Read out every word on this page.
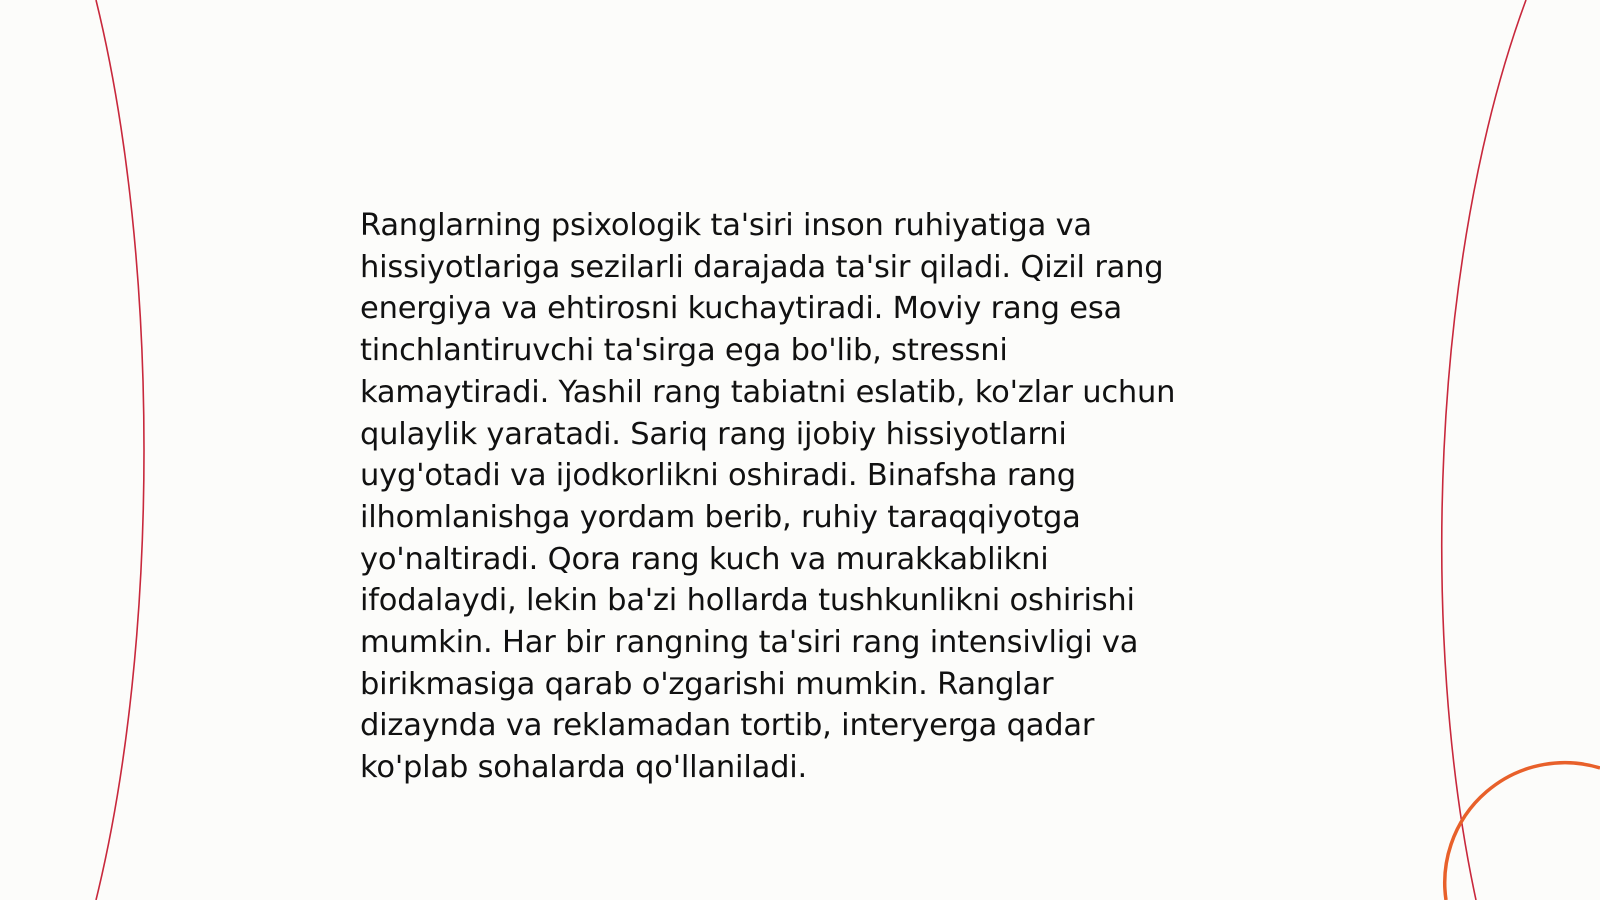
Ranglarning psixologik ta'siri inson ruhiyatiga va
hissiyotlariga sezilarli darajada ta'sir qiladi. Qizil rang
energiya va ehtirosni kuchaytiradi. Moviy rang esa
tinchlantiruvchi ta'sirga ega bo'lib, stressni
kamaytiradi. Yashil rang tabiatni eslatib, ko'zlar uchun
qulaylik yaratadi. Sariq rang ijobiy hissiyotlarni
uyg'otadi va ijodkorlikni oshiradi. Binafsha rang
ilhomlanishga yordam berib, ruhiy taraqqiyotga
yo'naltiradi. Qora rang kuch va murakkablikni
ifodalaydi, lekin ba'zi hollarda tushkunlikni oshirishi
mumkin. Har bir rangning ta'siri rang intensivligi va
birikmasiga qarab o'zgarishi mumkin. Ranglar
dizaynda va reklamadan tortib, interyerga qadar
ko'plab sohalarda qo'llaniladi.
